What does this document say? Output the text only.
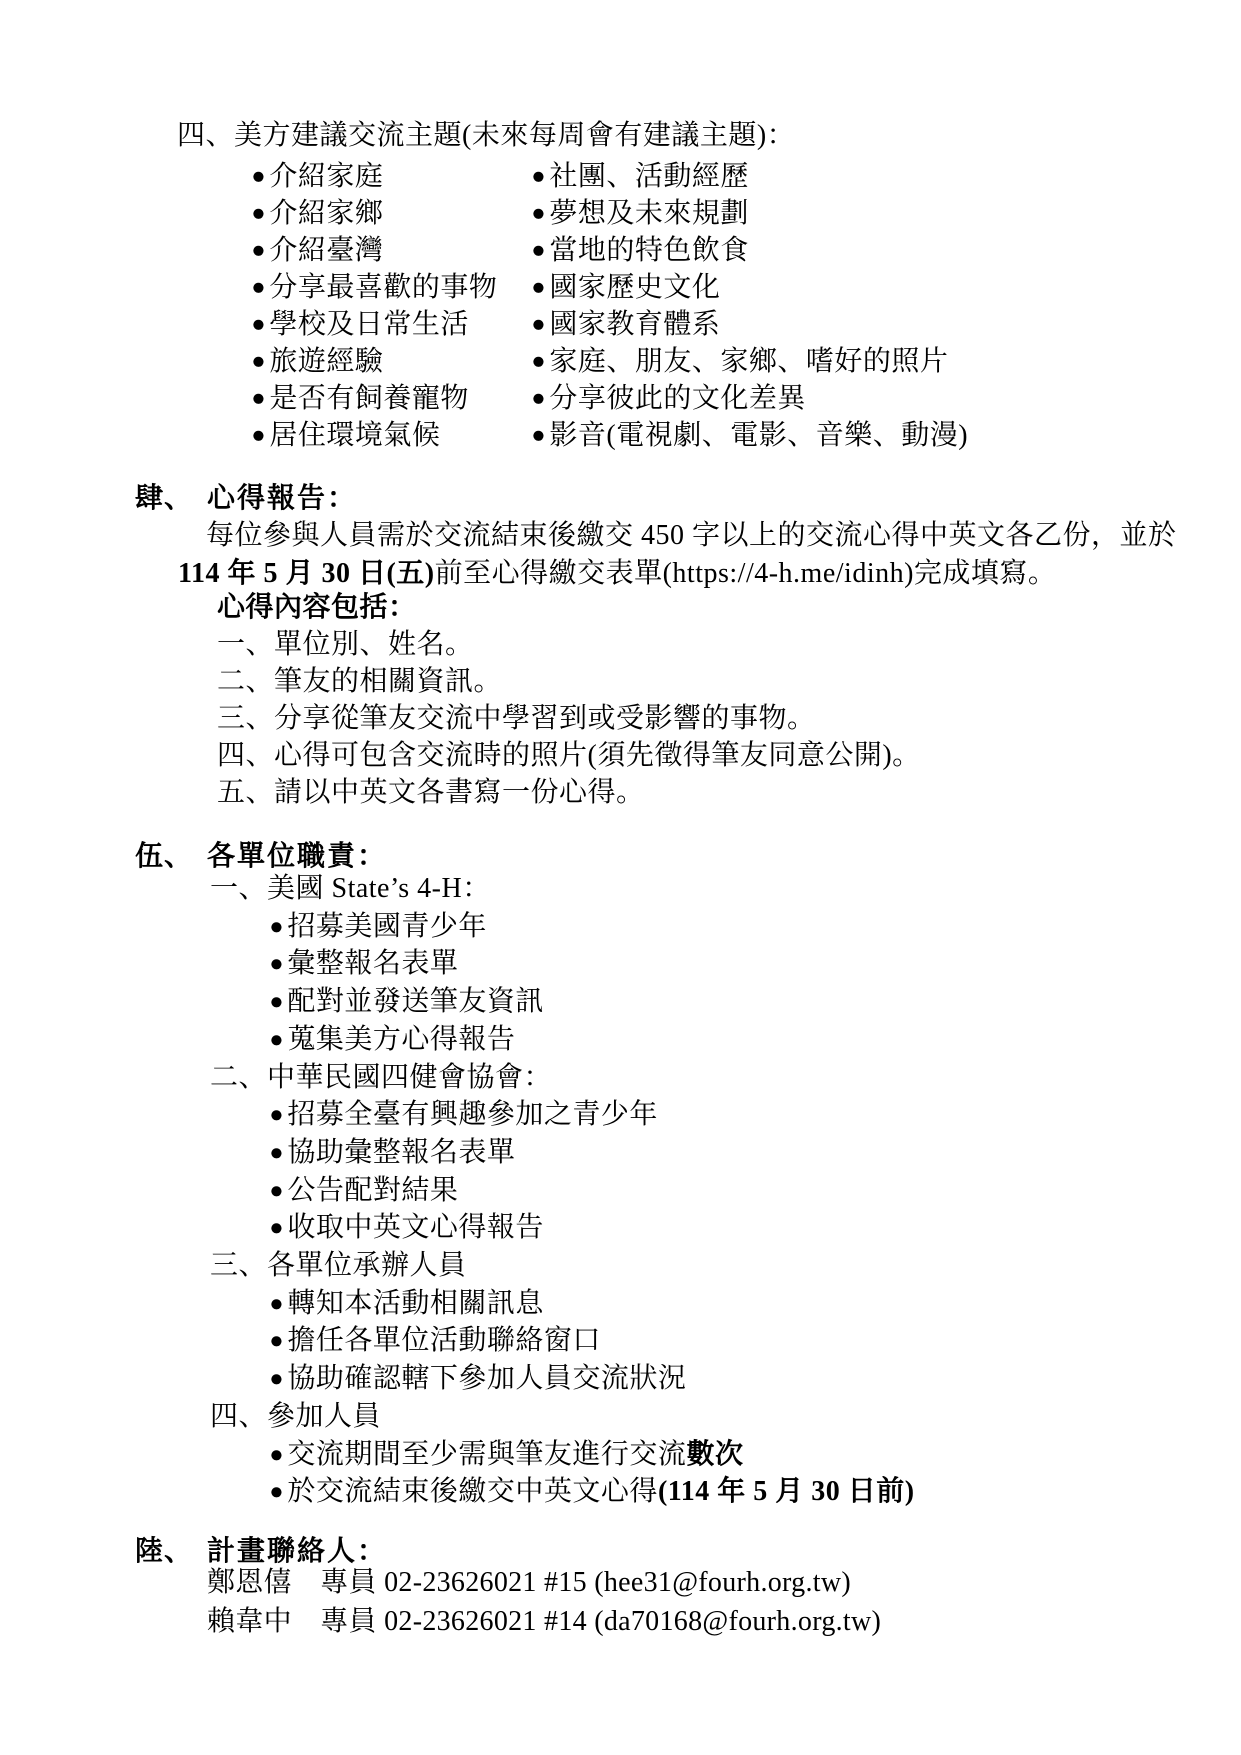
四、美方建議交流主題(未來每周會有建議主題)：
● 介紹家庭	● 社團、活動經歷
● 介紹家鄉	● 夢想及未來規劃
● 介紹臺灣	● 當地的特色飲食
● 分享最喜歡的事物	● 國家歷史文化
● 學校及日常生活	● 國家教育體系
● 旅遊經驗	● 家庭、朋友、家鄉、嗜好的照片
● 是否有飼養寵物	● 分享彼此的文化差異
● 居住環境氣候	● 影音(電視劇、電影、音樂、動漫)
肆、 心得報告：
每位參與人員需於交流結束後繳交 450 字以上的交流心得中英文各乙份，並於
114 年 5 月 30 日(五)前至心得繳交表單(https://4-h.me/idinh)完成填寫。
心得內容包括：
一、單位別、姓名。
二、筆友的相關資訊。
三、分享從筆友交流中學習到或受影響的事物。
四、心得可包含交流時的照片(須先徵得筆友同意公開)。
五、請以中英文各書寫一份心得。
伍、 各單位職責：
一、美國 State’s 4-H：
● 招募美國青少年
● 彙整報名表單
● 配對並發送筆友資訊
● 蒐集美方心得報告
二、中華民國四健會協會：
● 招募全臺有興趣參加之青少年
● 協助彙整報名表單
● 公告配對結果
● 收取中英文心得報告
三、各單位承辦人員
● 轉知本活動相關訊息
● 擔任各單位活動聯絡窗口
● 協助確認轄下參加人員交流狀況
四、參加人員
● 交流期間至少需與筆友進行交流數次
● 於交流結束後繳交中英文心得(114 年 5 月 30 日前)
陸、 計畫聯絡人：
鄭恩僖　專員 02-23626021 #15 (hee31@fourh.org.tw)
賴韋中　專員 02-23626021 #14 (da70168@fourh.org.tw)
